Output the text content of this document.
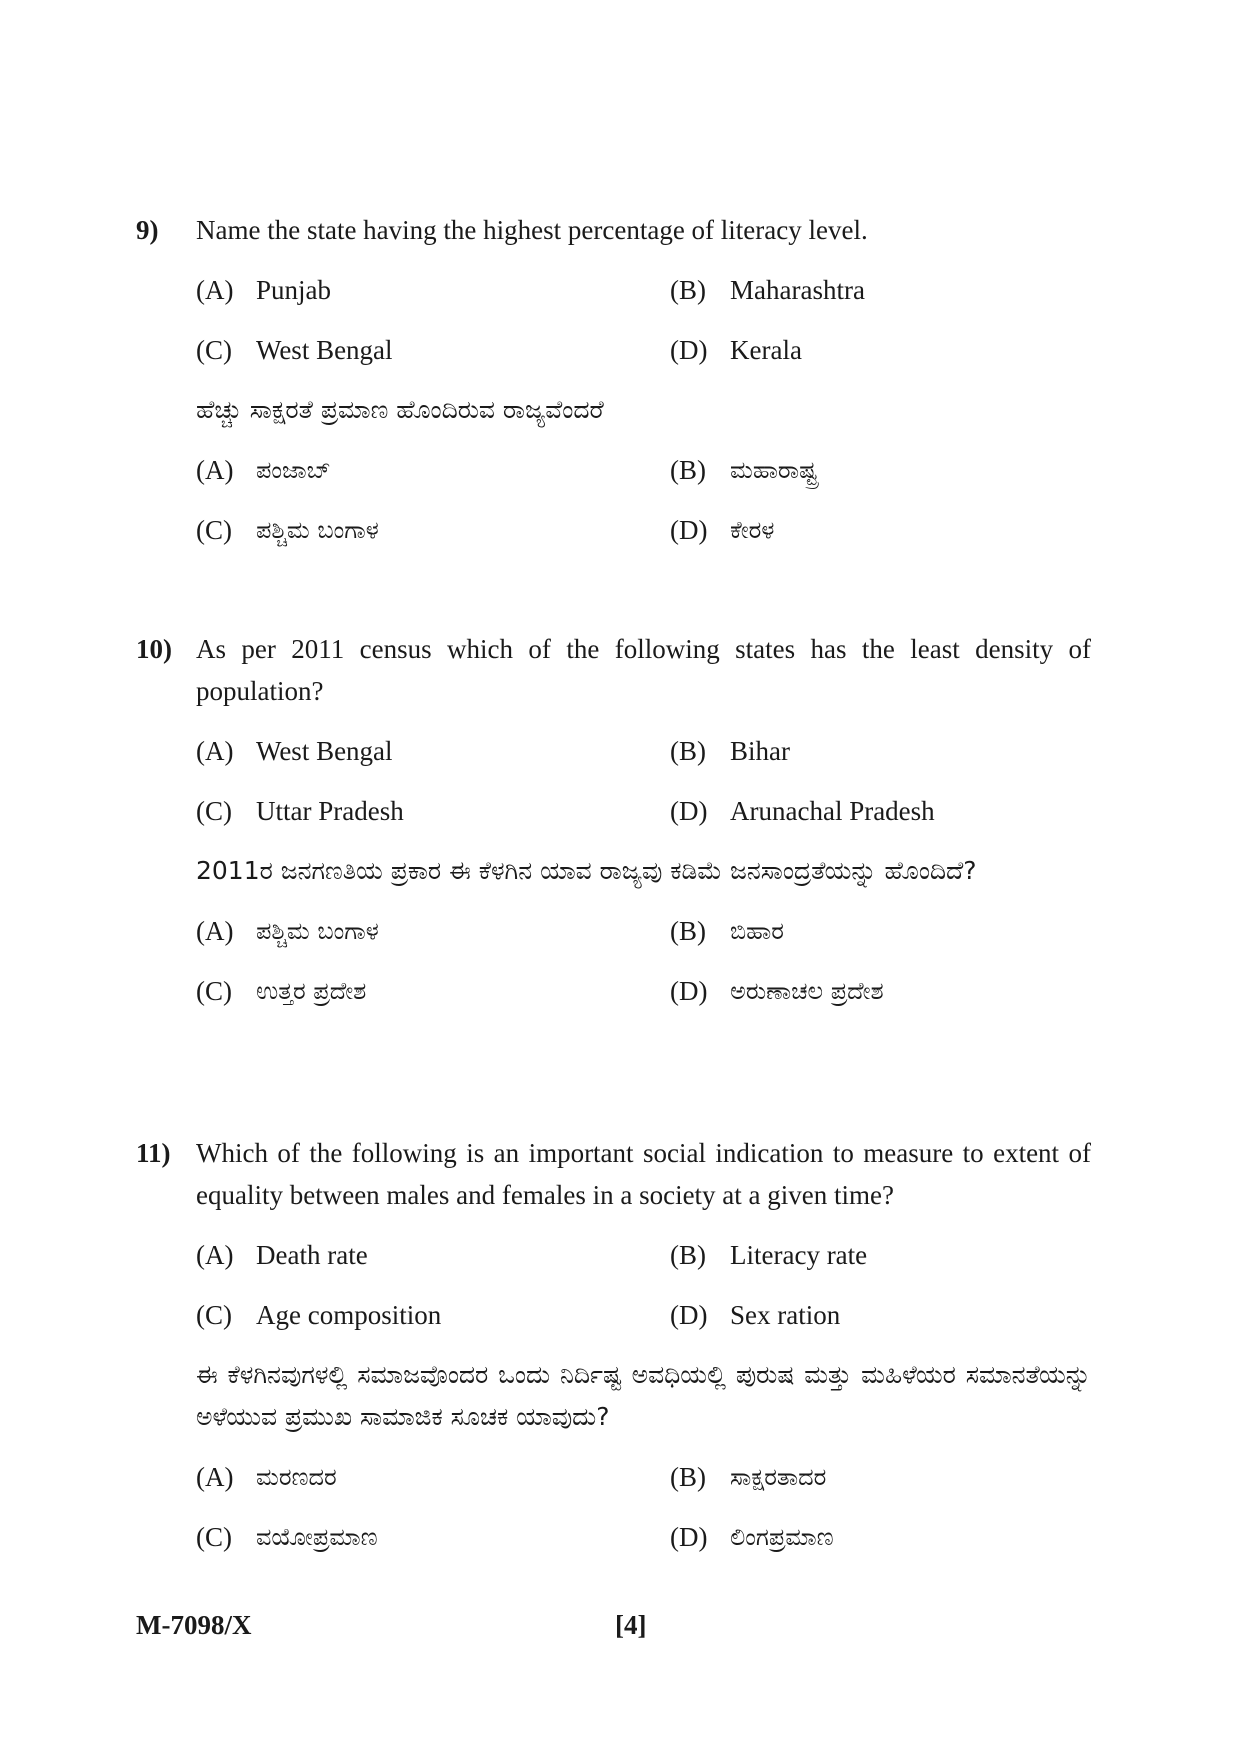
9)	Name the state having the highest percentage of literacy level.
(A) Punjab	(B) Maharashtra
(C) West Bengal	(D) Kerala
ಹೆಚ್ಚು ಸಾಕ್ಷರತೆ ಪ್ರಮಾಣ ಹೊಂದಿರುವ ರಾಜ್ಯವೆಂದರೆ
(A) ಪಂಜಾಬ್	(B)	ಮಹಾರಾಷ್ಟ್ರ
(C)	ಪಶ್ಚಿಮ ಬಂಗಾಳ	(D) ಕೇರಳ
10) As per 2011 census which of the following states has the least density of population?
(A) West Bengal	(B) Bihar
(C) Uttar Pradesh	(D) Arunachal Pradesh
2011ರ ಜನಗಣತಿಯ ಪ್ರಕಾರ ಈ ಕೆಳಗಿನ ಯಾವ ರಾಜ್ಯವು ಕಡಿಮೆ ಜನಸಾಂದ್ರತೆಯನ್ನು ಹೊಂದಿದೆ?
(A) ಪಶ್ಚಿಮ ಬಂಗಾಳ	(B)	ಬಿಹಾರ
(C)	ಉತ್ತರ ಪ್ರದೇಶ	(D) ಅರುಣಾಚಲ ಪ್ರದೇಶ
11) Which of the following is an important social indication to measure to extent of equality between males and females in a society at a given time?
(A) Death rate	(B) Literacy rate
(C) Age composition	(D) Sex ration
ಈ ಕೆಳಗಿನವುಗಳಲ್ಲಿ ಸಮಾಜವೊಂದರ ಒಂದು ನಿರ್ದಿಷ್ಟ ಅವಧಿಯಲ್ಲಿ ಪುರುಷ ಮತ್ತು ಮಹಿಳೆಯರ ಸಮಾನತೆಯನ್ನು ಅಳೆಯುವ ಪ್ರಮುಖ ಸಾಮಾಜಿಕ ಸೂಚಕ ಯಾವುದು?
(A) ಮರಣದರ	(B)	ಸಾಕ್ಷರತಾದರ
(C)	ವಯೋಪ್ರಮಾಣ	(D) ಲಿಂಗಪ್ರಮಾಣ
M-7098/X	[4]
